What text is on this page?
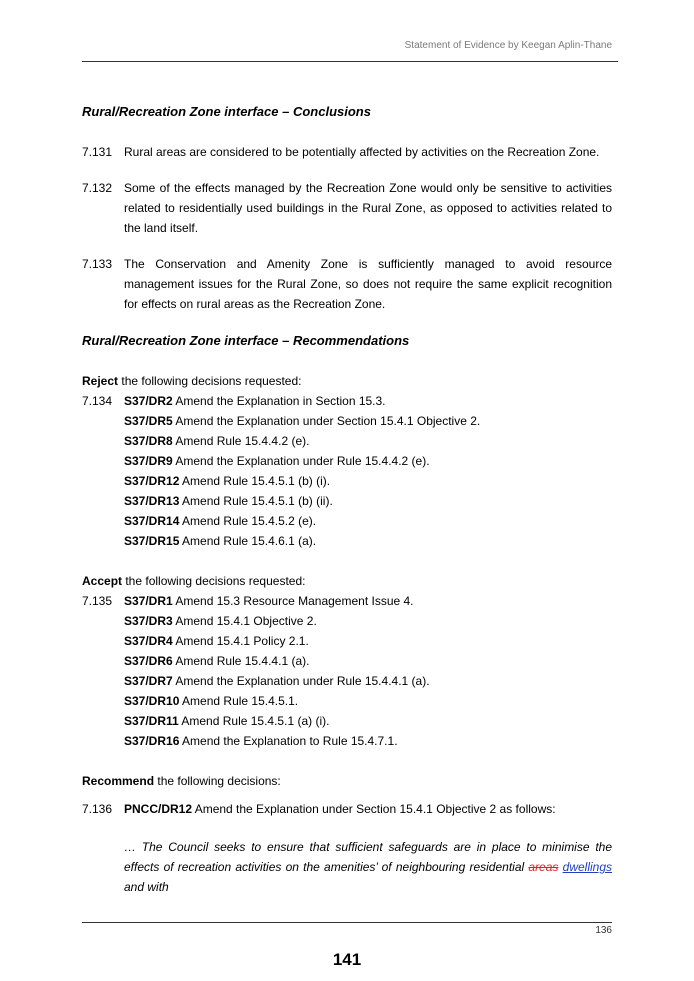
Statement of Evidence by Keegan Aplin-Thane

Rural/Recreation Zone interface – Conclusions

7.131 Rural areas are considered to be potentially affected by activities on the Recreation Zone.
7.132 Some of the effects managed by the Recreation Zone would only be sensitive to activities related to residentially used buildings in the Rural Zone, as opposed to activities related to the land itself.
7.133 The Conservation and Amenity Zone is sufficiently managed to avoid resource management issues for the Rural Zone, so does not require the same explicit recognition for effects on rural areas as the Recreation Zone.

Rural/Recreation Zone interface – Recommendations

Reject the following decisions requested:
7.134 S37/DR2 Amend the Explanation in Section 15.3.
S37/DR5 Amend the Explanation under Section 15.4.1 Objective 2.
S37/DR8 Amend Rule 15.4.4.2 (e).
S37/DR9 Amend the Explanation under Rule 15.4.4.2 (e).
S37/DR12 Amend Rule 15.4.5.1 (b) (i).
S37/DR13 Amend Rule 15.4.5.1 (b) (ii).
S37/DR14 Amend Rule 15.4.5.2 (e).
S37/DR15 Amend Rule 15.4.6.1 (a).
Accept the following decisions requested:
7.135 S37/DR1 Amend 15.3 Resource Management Issue 4.
S37/DR3 Amend 15.4.1 Objective 2.
S37/DR4 Amend 15.4.1 Policy 2.1.
S37/DR6 Amend Rule 15.4.4.1 (a).
S37/DR7 Amend the Explanation under Rule 15.4.4.1 (a).
S37/DR10 Amend Rule 15.4.5.1.
S37/DR11 Amend Rule 15.4.5.1 (a) (i).
S37/DR16 Amend the Explanation to Rule 15.4.7.1.
Recommend the following decisions:
7.136 PNCC/DR12 Amend the Explanation under Section 15.4.1 Objective 2 as follows:
… The Council seeks to ensure that sufficient safeguards are in place to minimise the effects of recreation activities on the amenities’ of neighbouring residential areas dwellings and with
136
141
